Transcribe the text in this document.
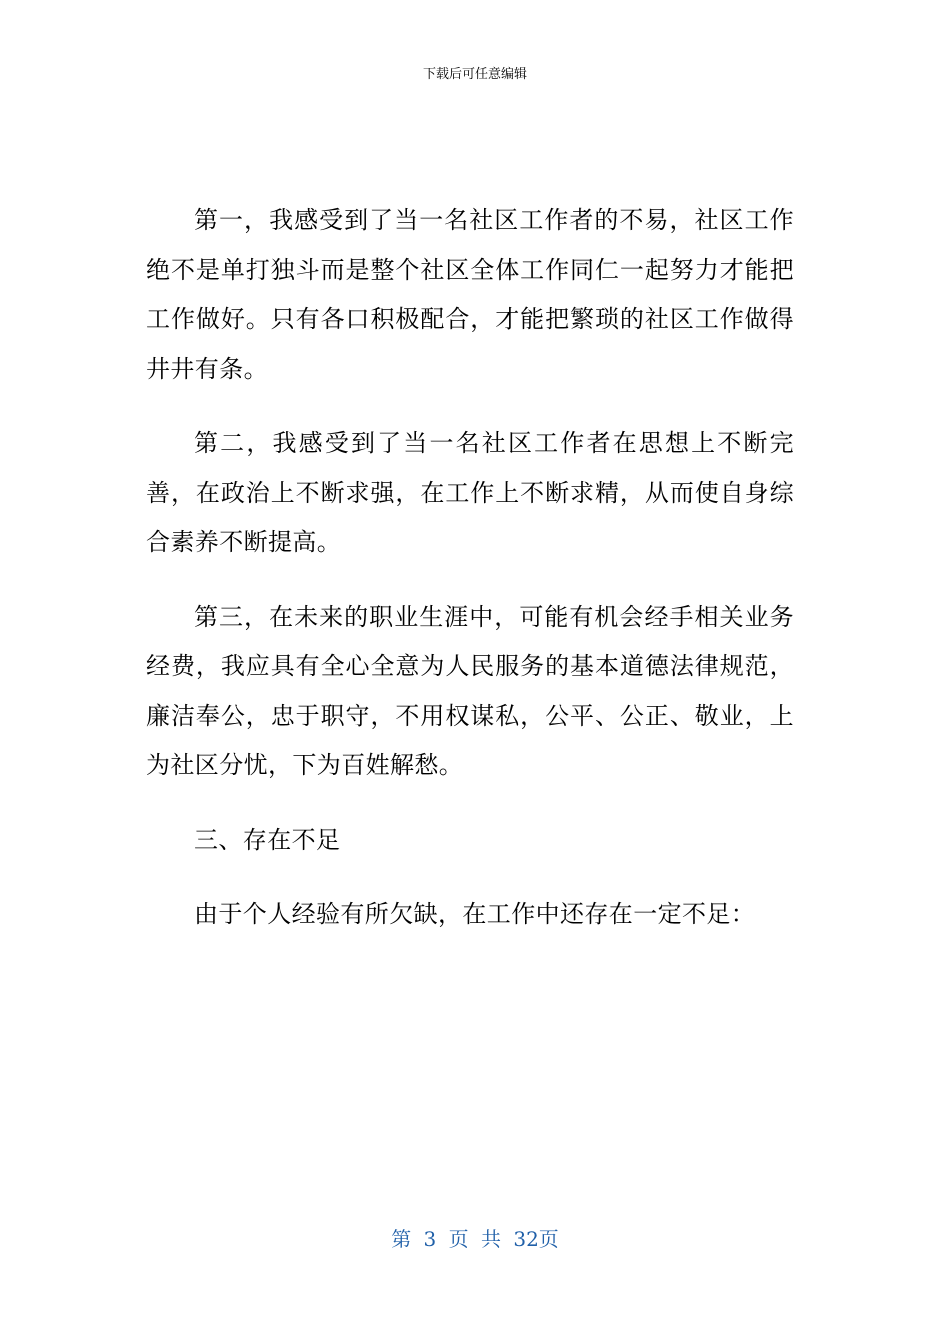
下载后可任意编辑

第一，我感受到了当一名社区工作者的不易，社区工作绝不是单打独斗而是整个社区全体工作同仁一起努力才能把工作做好。只有各口积极配合，才能把繁琐的社区工作做得井井有条。

第二，我感受到了当一名社区工作者在思想上不断完善，在政治上不断求强，在工作上不断求精，从而使自身综合素养不断提高。

第三，在未来的职业生涯中，可能有机会经手相关业务经费，我应具有全心全意为人民服务的基本道德法律规范，廉洁奉公，忠于职守，不用权谋私，公平、公正、敬业，上为社区分忧，下为百姓解愁。

三、存在不足

由于个人经验有所欠缺，在工作中还存在一定不足：

第 3 页 共 32页
